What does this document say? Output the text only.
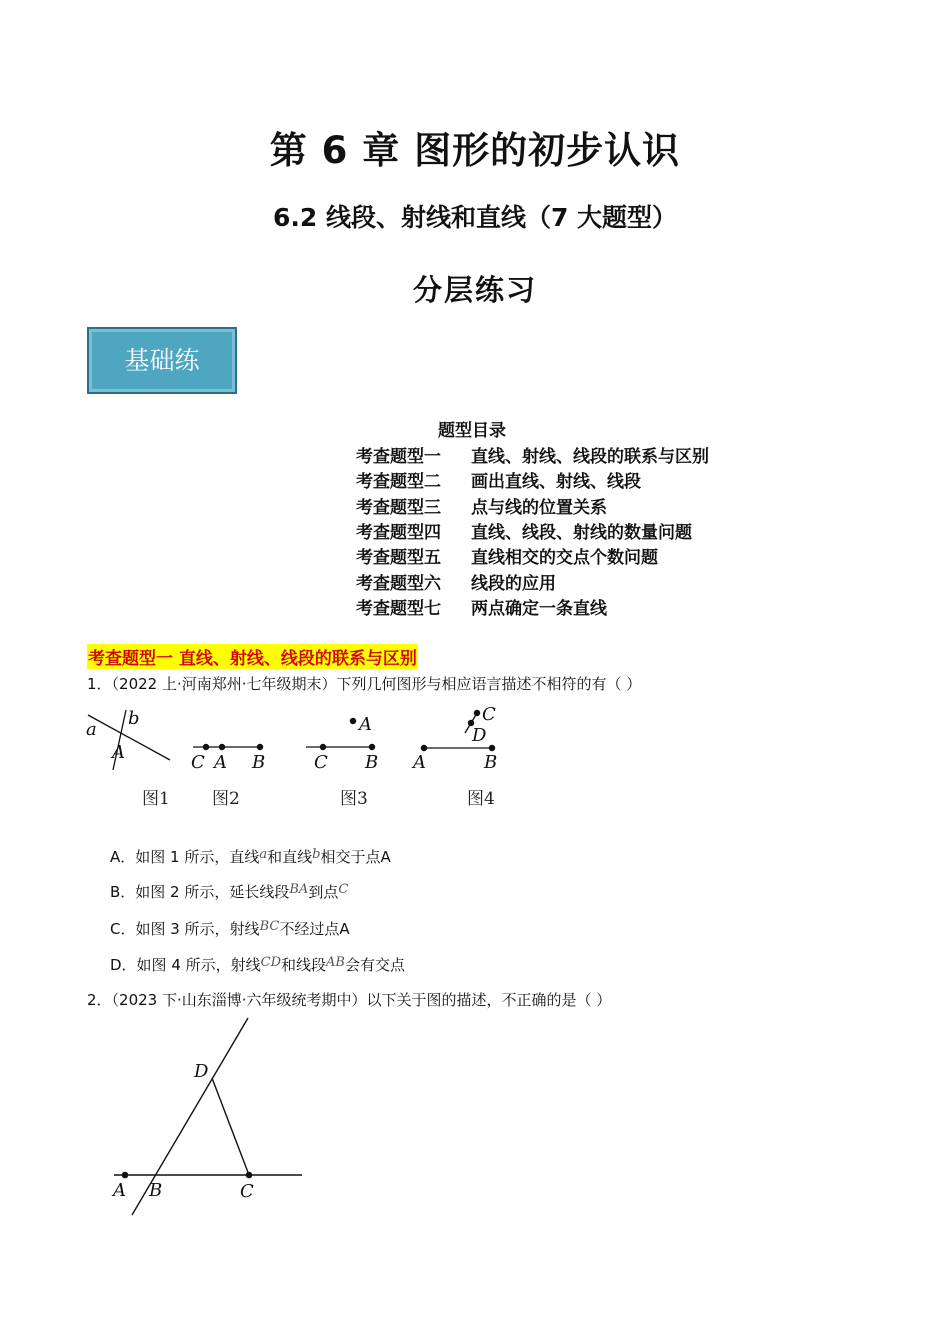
第 6 章 图形的初步认识
6.2 线段、射线和直线（7 大题型）
分层练习
基础练
题型目录
考查题型一 直线、射线、线段的联系与区别
考查题型二 画出直线、射线、线段
考查题型三 点与线的位置关系
考查题型四 直线、线段、射线的数量问题
考查题型五 直线相交的交点个数问题
考查题型六 线段的应用
考查题型七 两点确定一条直线
考查题型一 直线、射线、线段的联系与区别
1．（2022 上·河南郑州·七年级期末）下列几何图形与相应语言描述不相符的有（ ）
a
b
A	C A B
A
C B
C
D
A	B
图1 图2	图3	图4
A．如图 1 所示，直线a和直线b相交于点A
B．如图 2 所示，延长线段BA到点C
C．如图 3 所示，射线BC不经过点A
D．如图 4 所示，射线CD和线段AB会有交点
2．（2023 下·山东淄博·六年级统考期中）以下关于图的描述，不正确的是（ ）
D
A B	C
